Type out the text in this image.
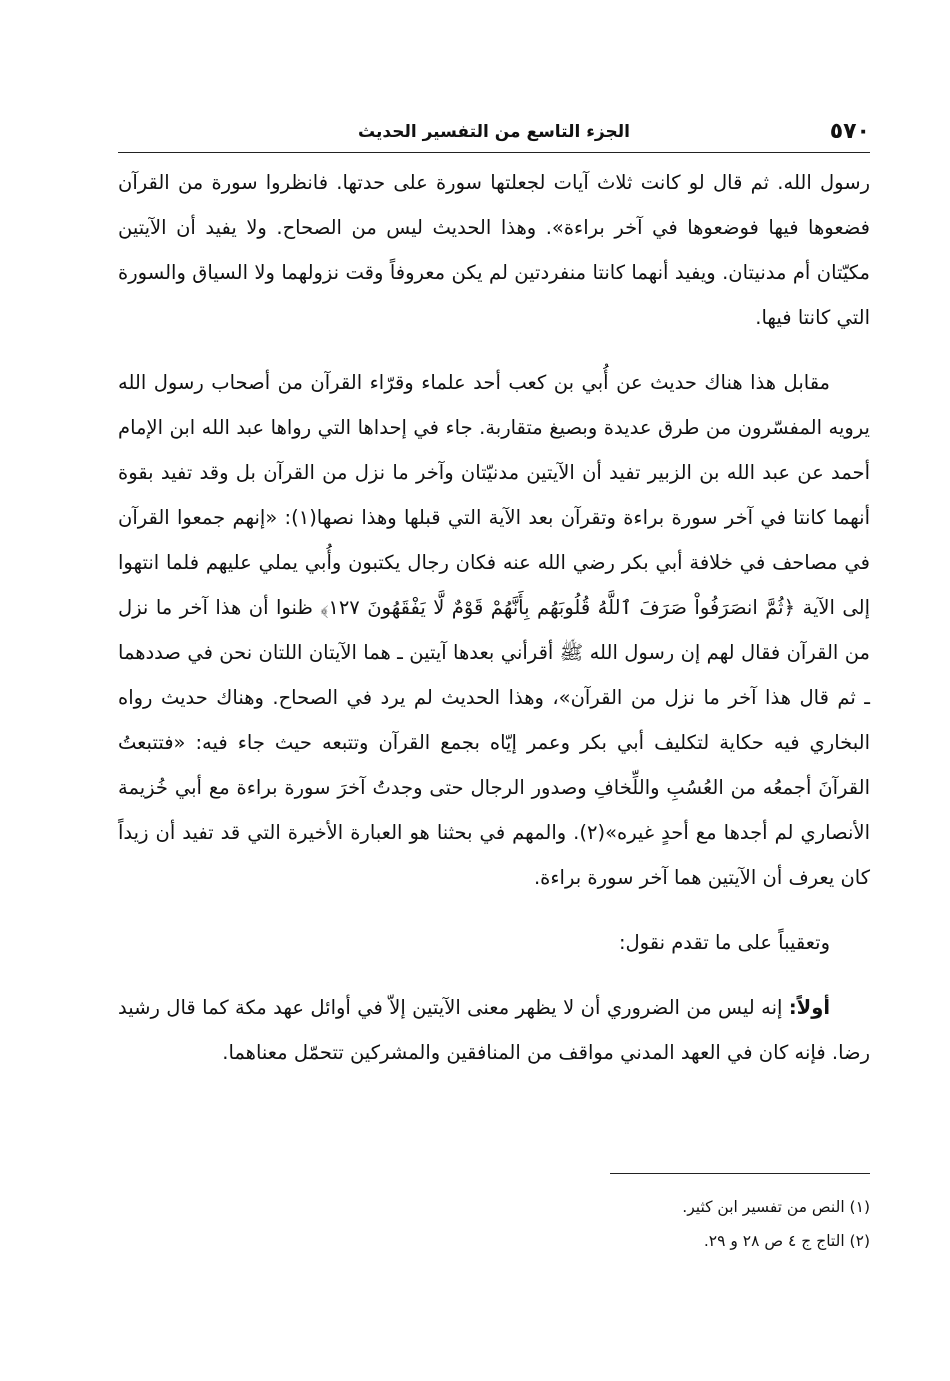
٥٧٠
الجزء التاسع من التفسير الحديث

رسول الله. ثم قال لو كانت ثلاث آيات لجعلتها سورة على حدتها. فانظروا سورة من القرآن فضعوها فيها فوضعوها في آخر براءة». وهذا الحديث ليس من الصحاح. ولا يفيد أن الآيتين مكيّتان أم مدنيتان. ويفيد أنهما كانتا منفردتين لم يكن معروفاً وقت نزولهما ولا السياق والسورة التي كانتا فيها.

مقابل هذا هناك حديث عن أُبي بن كعب أحد علماء وقرّاء القرآن من أصحاب رسول الله يرويه المفسّرون من طرق عديدة وبصيغ متقاربة. جاء في إحداها التي رواها عبد الله ابن الإمام أحمد عن عبد الله بن الزبير تفيد أن الآيتين مدنيّتان وآخر ما نزل من القرآن بل وقد تفيد بقوة أنهما كانتا في آخر سورة براءة وتقرآن بعد الآية التي قبلها وهذا نصها(١): «إنهم جمعوا القرآن في مصاحف في خلافة أبي بكر رضي الله عنه فكان رجال يكتبون وأُبي يملي عليهم فلما انتهوا إلى الآية ﴿ثُمَّ انصَرَفُواْ صَرَفَ ٱللَّهُ قُلُوبَهُم بِأَنَّهُمْ قَوْمٌ لَّا يَفْقَهُونَ ١٢٧﴾ ظنوا أن هذا آخر ما نزل من القرآن فقال لهم إن رسول الله ﷺ أقرأني بعدها آيتين ـ هما الآيتان اللتان نحن في صددهما ـ ثم قال هذا آخر ما نزل من القرآن»، وهذا الحديث لم يرد في الصحاح. وهناك حديث رواه البخاري فيه حكاية لتكليف أبي بكر وعمر إيّاه بجمع القرآن وتتبعه حيث جاء فيه: «فتتبعتُ القرآنَ أجمعُه من العُسُبِ واللِّخافِ وصدور الرجال حتى وجدتُ آخرَ سورة براءة مع أبي خُزيمة الأنصاري لم أجدها مع أحدٍ غيره»(٢). والمهم في بحثنا هو العبارة الأخيرة التي قد تفيد أن زيداً كان يعرف أن الآيتين هما آخر سورة براءة.

وتعقيباً على ما تقدم نقول:

أولاً: إنه ليس من الضروري أن لا يظهر معنى الآيتين إلاّ في أوائل عهد مكة كما قال رشيد رضا. فإنه كان في العهد المدني مواقف من المنافقين والمشركين تتحمّل معناهما.

(١) النص من تفسير ابن كثير.

(٢) التاج ج ٤ ص ٢٨ و ٢٩.
